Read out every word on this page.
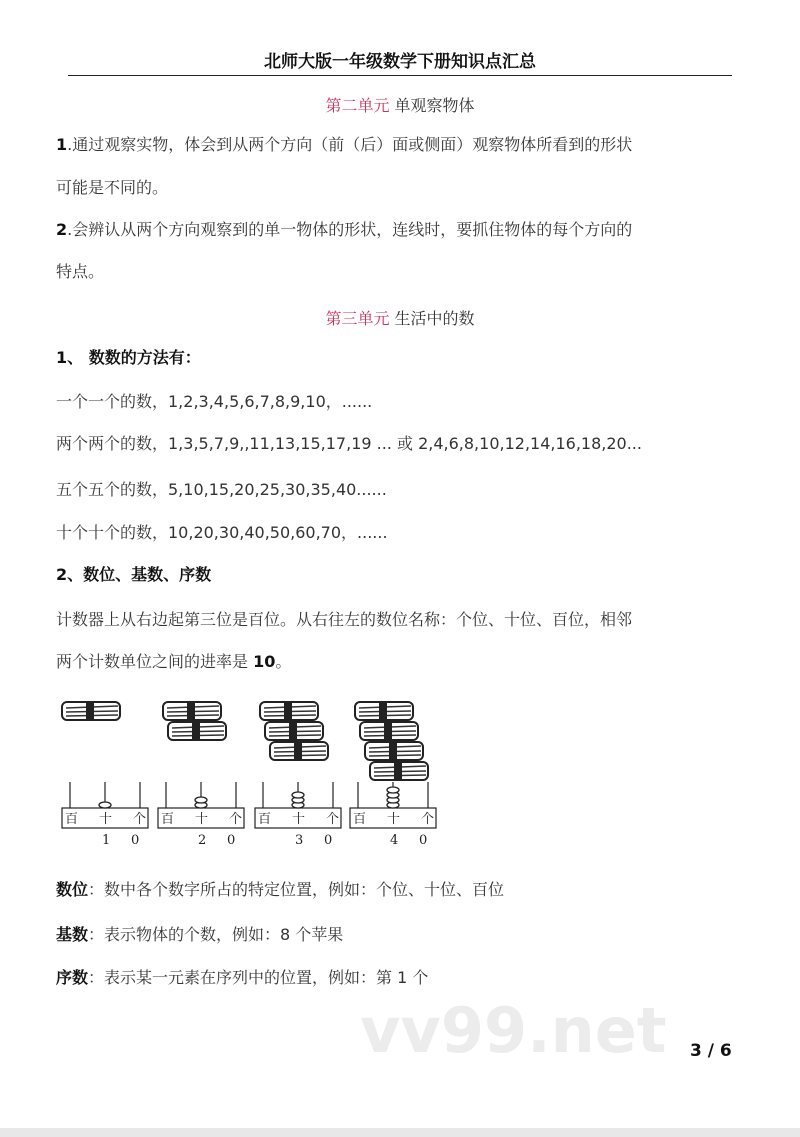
北师大版一年级数学下册知识点汇总
第二单元 单观察物体
1.通过观察实物，体会到从两个方向（前（后）面或侧面）观察物体所看到的形状
可能是不同的。
2.会辨认从两个方向观察到的单一物体的形状，连线时，要抓住物体的每个方向的
特点。
第三单元 生活中的数
1、 数数的方法有：
一个一个的数，1,2,3,4,5,6,7,8,9,10，......
两个两个的数，1,3,5,7,9,,11,13,15,17,19 ... 或 2,4,6,8,10,12,14,16,18,20...
五个五个的数，5,10,15,20,25,30,35,40......
十个十个的数，10,20,30,40,50,60,70，......
2、数位、基数、序数
计数器上从右边起第三位是百位。从右往左的数位名称：个位、十位、百位，相邻
两个计数单位之间的进率是 10。
百 十 个
1 0
百 十 个
2 0
百 十 个
3 0
百 十 个
4 0
数位：数中各个数字所占的特定位置，例如：个位、十位、百位
基数：表示物体的个数，例如：8 个苹果
序数：表示某一元素在序列中的位置，例如：第 1 个
vv99.net 3 / 6
